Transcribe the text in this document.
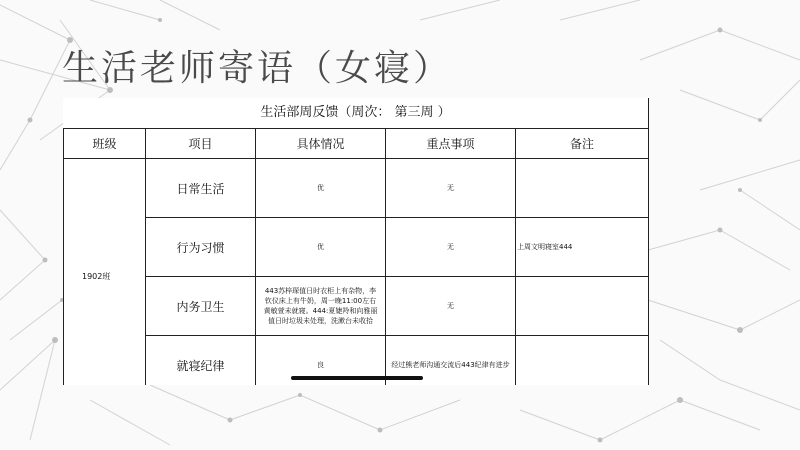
生活老师寄语（女寝）
生活部周反馈（周次： 第三周 ）
班级	项目	具体情况	重点事项	备注
1902班	日常生活	优	无	
	行为习惯	优	无	上周文明寝室444
	内务卫生	443苏梓琛值日时衣柜上有杂物，李钦仪床上有牛奶，周一晚11:00左右黄敏萱未就寝。444:夏婕羚和向雅丽值日时垃圾未处理，洗漱台未收拾	无	
	就寝纪律	良	经过熊老师沟通交流后443纪律有进步	
